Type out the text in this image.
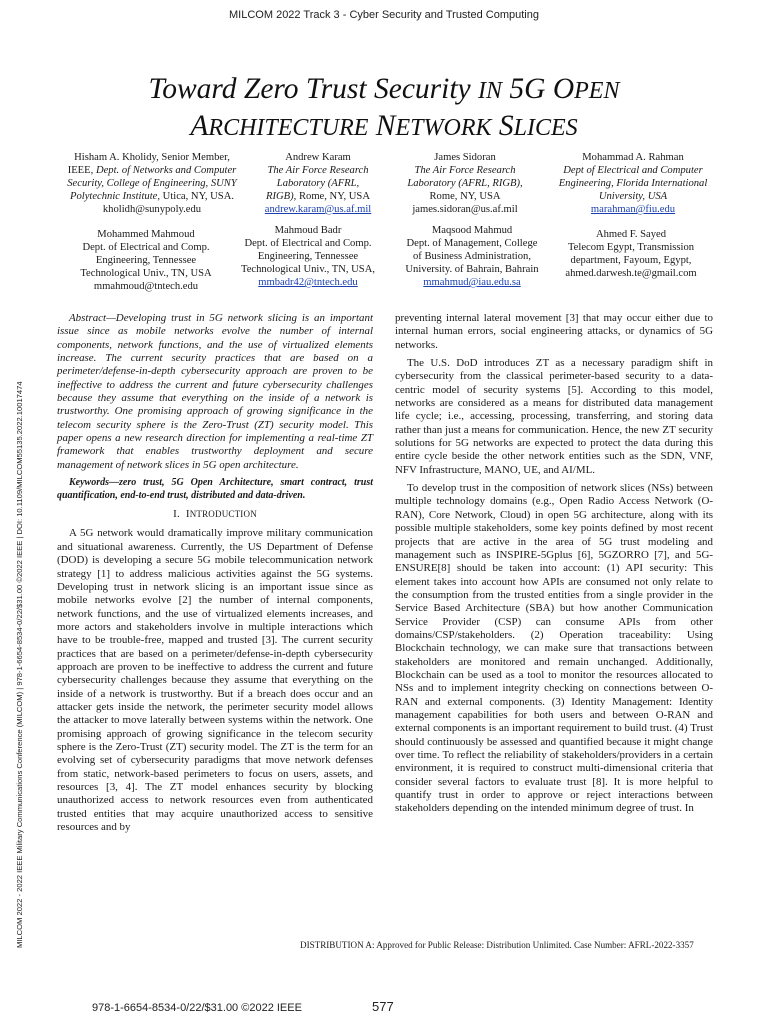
MILCOM 2022 Track 3 - Cyber Security and Trusted Computing
MILCOM 2022 - 2022 IEEE Military Communications Conference (MILCOM) | 978-1-6654-8534-0/22/$31.00 ©2022 IEEE | DOI: 10.1109/MILCOM55135.2022.10017474
Toward Zero Trust Security IN 5G OPEN
ARCHITECTURE NETWORK SLICES
Hisham A. Kholidy, Senior Member,
IEEE, Dept. of Networks and Computer
Security, College of Engineering, SUNY
Polytechnic Institute, Utica, NY, USA.
kholidh@sunypoly.edu
Andrew Karam
The Air Force Research
Laboratory (AFRL,
RIGB), Rome, NY, USA
andrew.karam@us.af.mil
James Sidoran
The Air Force Research
Laboratory (AFRL, RIGB),
Rome, NY, USA
james.sidoran@us.af.mil
Mohammad A. Rahman
Dept of Electrical and Computer
Engineering, Florida International
University, USA
marahman@fiu.edu
Mohammed Mahmoud
Dept. of Electrical and Comp.
Engineering, Tennessee
Technological Univ., TN, USA
mmahmoud@tntech.edu
Mahmoud Badr
Dept. of Electrical and Comp.
Engineering, Tennessee
Technological Univ., TN, USA,
mmbadr42@tntech.edu
Maqsood Mahmud
Dept. of Management, College
of Business Administration,
University. of Bahrain, Bahrain
mmahmud@iau.edu.sa
Ahmed F. Sayed
Telecom Egypt, Transmission
department, Fayoum, Egypt,
ahmed.darwesh.te@gmail.com

Abstract—Developing trust in 5G network slicing is an important issue since as mobile networks evolve the number of internal components, network functions, and the use of virtualized elements increase. The current security practices that are based on a perimeter/defense-in-depth cybersecurity approach are proven to be ineffective to address the current and future cybersecurity challenges because they assume that everything on the inside of a network is trustworthy. One promising approach of growing significance in the telecom security sphere is the Zero-Trust (ZT) security model. This paper opens a new research direction for implementing a real-time ZT framework that enables trustworthy deployment and secure management of network slices in 5G open architecture.

Keywords—zero trust, 5G Open Architecture, smart contract, trust quantification, end-to-end trust, distributed and data-driven.

I. INTRODUCTION

A 5G network would dramatically improve military communication and situational awareness. Currently, the US Department of Defense (DOD) is developing a secure 5G mobile telecommunication network strategy [1] to address malicious activities against the 5G systems. Developing trust in network slicing is an important issue since as mobile networks evolve [2] the number of internal components, network functions, and the use of virtualized elements increases, and more actors and stakeholders involve in multiple interactions which have to be trouble-free, mapped and trusted [3]. The current security practices that are based on a perimeter/defense-in-depth cybersecurity approach are proven to be ineffective to address the current and future cybersecurity challenges because they assume that everything on the inside of a network is trustworthy. But if a breach does occur and an attacker gets inside the network, the perimeter security model allows the attacker to move laterally between systems within the network. One promising approach of growing significance in the telecom security sphere is the Zero-Trust (ZT) security model. The ZT is the term for an evolving set of cybersecurity paradigms that move network defenses from static, network-based perimeters to focus on users, assets, and resources [3, 4]. The ZT model enhances security by blocking unauthorized access to network resources even from authenticated trusted entities that may acquire unauthorized access to sensitive resources and by

preventing internal lateral movement [3] that may occur either due to internal human errors, social engineering attacks, or dynamics of 5G networks.

The U.S. DoD introduces ZT as a necessary paradigm shift in cybersecurity from the classical perimeter-based security to a data-centric model of security systems [5]. According to this model, networks are considered as a means for distributed data management life cycle; i.e., accessing, processing, transferring, and storing data rather than just a means for communication. Hence, the new ZT security solutions for 5G networks are expected to protect the data during this entire cycle beside the other network entities such as the SDN, VNF, NFV Infrastructure, MANO, UE, and AI/ML.

To develop trust in the composition of network slices (NSs) between multiple technology domains (e.g., Open Radio Access Network (O-RAN), Core Network, Cloud) in open 5G architecture, along with its possible multiple stakeholders, some key points defined by most recent projects that are active in the area of 5G trust modeling and management such as INSPIRE-5Gplus [6], 5GZORRO [7], and 5G-ENSURE[8] should be taken into account: (1) API security: This element takes into account how APIs are consumed not only relate to the consumption from the trusted entities from a single provider in the Service Based Architecture (SBA) but how another Communication Service Provider (CSP) can consume APIs from other domains/CSP/stakeholders. (2) Operation traceability: Using Blockchain technology, we can make sure that transactions between stakeholders are monitored and remain unchanged. Additionally, Blockchain can be used as a tool to monitor the resources allocated to NSs and to implement integrity checking on connections between O-RAN and external components. (3) Identity Management: Identity management capabilities for both users and between O-RAN and external components is an important requirement to build trust. (4) Trust should continuously be assessed and quantified because it might change over time. To reflect the reliability of stakeholders/providers in a certain environment, it is required to construct multi-dimensional criteria that consider several factors to evaluate trust [8]. It is more helpful to quantify trust in order to approve or reject interactions between stakeholders depending on the intended minimum degree of trust. In

DISTRIBUTION A: Approved for Public Release: Distribution Unlimited. Case Number: AFRL-2022-3357
978-1-6654-8534-0/22/$31.00 ©2022 IEEE	577
